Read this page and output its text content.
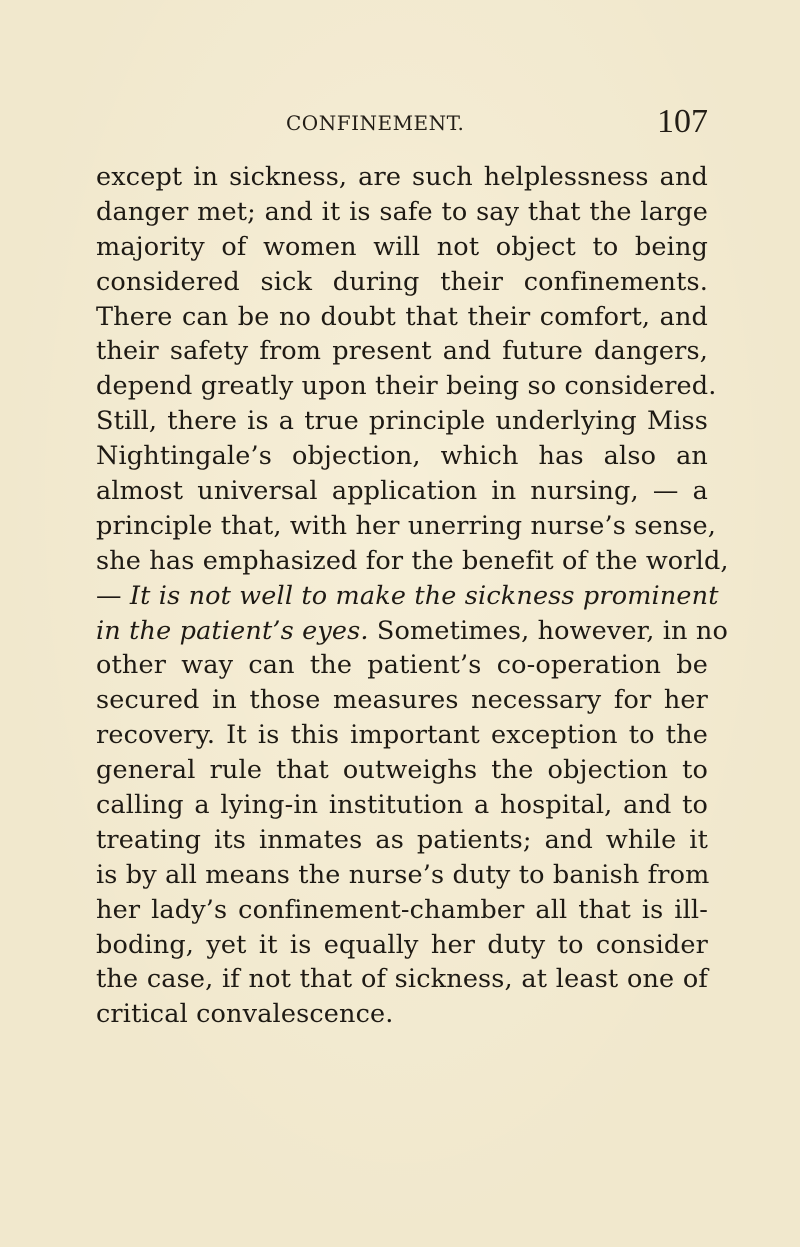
CONFINEMENT.	107
except in sickness, are such helplessness and
danger met; and it is safe to say that the large
majority of women will not object to being
considered sick during their confinements.
There can be no doubt that their comfort, and
their safety from present and future dangers,
depend greatly upon their being so considered.
Still, there is a true principle underlying Miss
Nightingale’s objection, which has also an
almost universal application in nursing, — a
principle that, with her unerring nurse’s sense,
she has emphasized for the benefit of the world,
— It is not well to make the sickness prominent
in the patient’s eyes. Sometimes, however, in no
other way can the patient’s co-operation be
secured in those measures necessary for her
recovery. It is this important exception to the
general rule that outweighs the objection to
calling a lying-in institution a hospital, and to
treating its inmates as patients; and while it
is by all means the nurse’s duty to banish from
her lady’s confinement-chamber all that is ill-
boding, yet it is equally her duty to consider
the case, if not that of sickness, at least one of
critical convalescence.
